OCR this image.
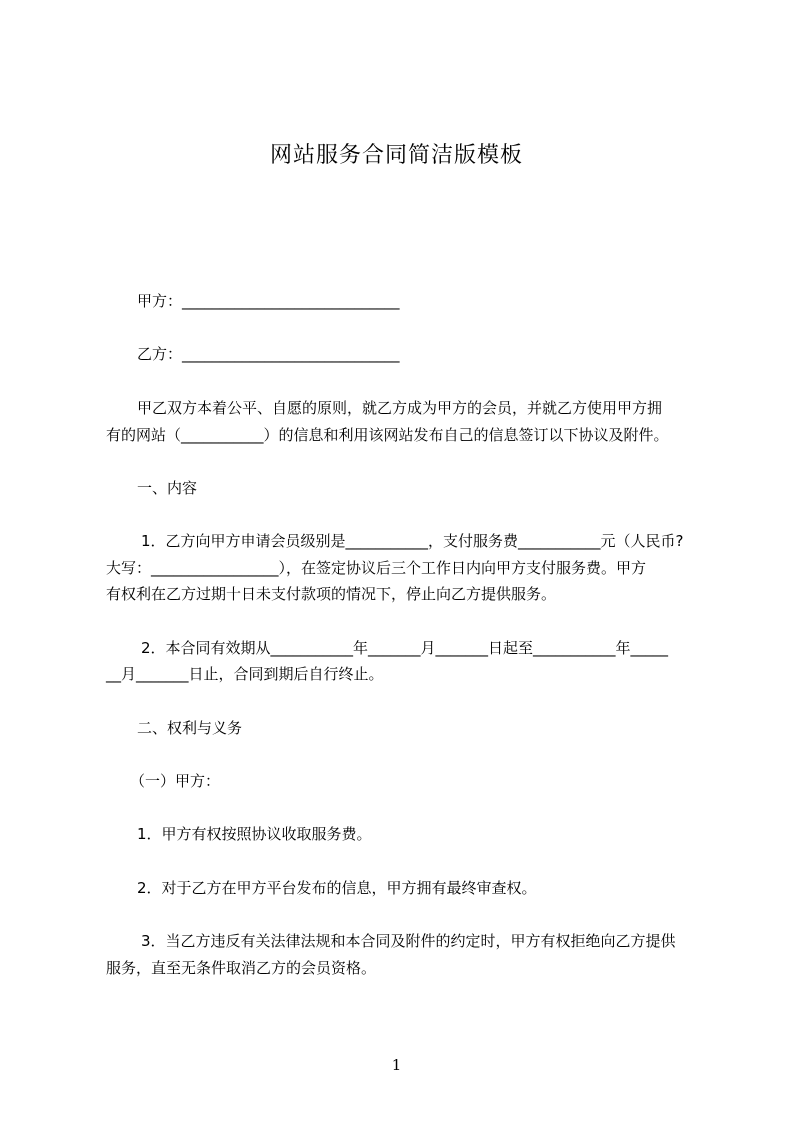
网站服务合同简洁版模板
甲方：_____________________________
乙方：_____________________________
甲乙双方本着公平、自愿的原则，就乙方成为甲方的会员，并就乙方使用甲方拥
有的网站（___________）的信息和利用该网站发布自己的信息签订以下协议及附件。
一、内容
1．乙方向甲方申请会员级别是___________，支付服务费___________元（人民币?
大写：_________________），在签定协议后三个工作日内向甲方支付服务费。甲方
有权利在乙方过期十日未支付款项的情况下，停止向乙方提供服务。
2．本合同有效期从___________年_______月_______日起至___________年_____
__月_______日止，合同到期后自行终止。
二、权利与义务
（一）甲方：
1．甲方有权按照协议收取服务费。
2．对于乙方在甲方平台发布的信息，甲方拥有最终审查权。
3．当乙方违反有关法律法规和本合同及附件的约定时，甲方有权拒绝向乙方提供
服务，直至无条件取消乙方的会员资格。
1
